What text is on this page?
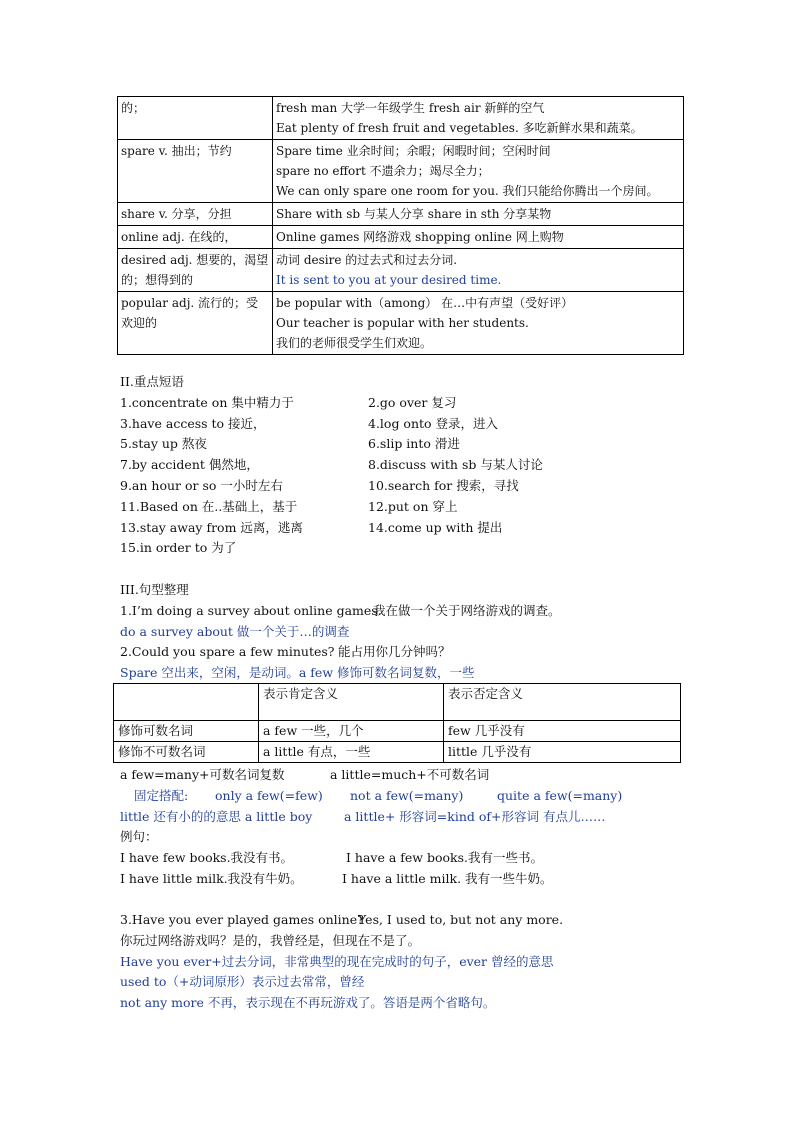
的；	fresh man 大学一年级学生 fresh air 新鲜的空气
Eat plenty of fresh fruit and vegetables. 多吃新鲜水果和蔬菜。

spare v. 抽出；节约	Spare time 业余时间；余暇；闲暇时间；空闲时间
spare no effort 不遗余力；竭尽全力；
We can only spare one room for you. 我们只能给你腾出一个房间。

share v. 分享，分担	Share with sb 与某人分享 share in sth 分享某物

online adj. 在线的，	Online games 网络游戏 shopping online 网上购物

desired adj. 想要的，渴望的；想得到的	动词 desire 的过去式和过去分词.
It is sent to you at your desired time.

popular adj. 流行的；受欢迎的	be popular with（among） 在…中有声望（受好评）
Our teacher is popular with her students.
我们的老师很受学生们欢迎。
II.重点短语
1.concentrate on 集中精力于	2.go over 复习
3.have access to 接近，	4.log onto 登录，进入
5.stay up 熬夜	6.slip into 滑进
7.by accident 偶然地，	8.discuss with sb 与某人讨论
9.an hour or so 一小时左右	10.search for 搜索，寻找
11.Based on 在..基础上，基于	12.put on 穿上
13.stay away from 远离，逃离	14.come up with 提出
15.in order to 为了
III.句型整理
1.I’m doing a survey about online games.
我在做一个关于网络游戏的调查。
do a survey about 做一个关于…的调查
2.Could you spare a few minutes? 能占用你几分钟吗？
Spare 空出来，空闲，是动词。a few 修饰可数名词复数，一些
	表示肯定含义	表示否定含义
修饰可数名词	a few 一些，几个	few 几乎没有
修饰不可数名词	a little 有点，一些	little 几乎没有
a few=many+可数名词复数	a little=much+不可数名词
固定搭配: only a few(=few) not a few(=many)	quite a few(=many)
little 还有小的的意思 a little boy	a little+ 形容词=kind of+形容词 有点儿……
例句：
I have few books.我没有书。	I have a few books.我有一些书。
I have little milk.我没有牛奶。	I have a little milk. 我有一些牛奶。
3.Have you ever played games online?
Yes, I used to, but not any more.
你玩过网络游戏吗？是的，我曾经是，但现在不是了。
Have you ever+过去分词，非常典型的现在完成时的句子，ever 曾经的意思
used to（+动词原形）表示过去常常，曾经
not any more 不再，表示现在不再玩游戏了。答语是两个省略句。
